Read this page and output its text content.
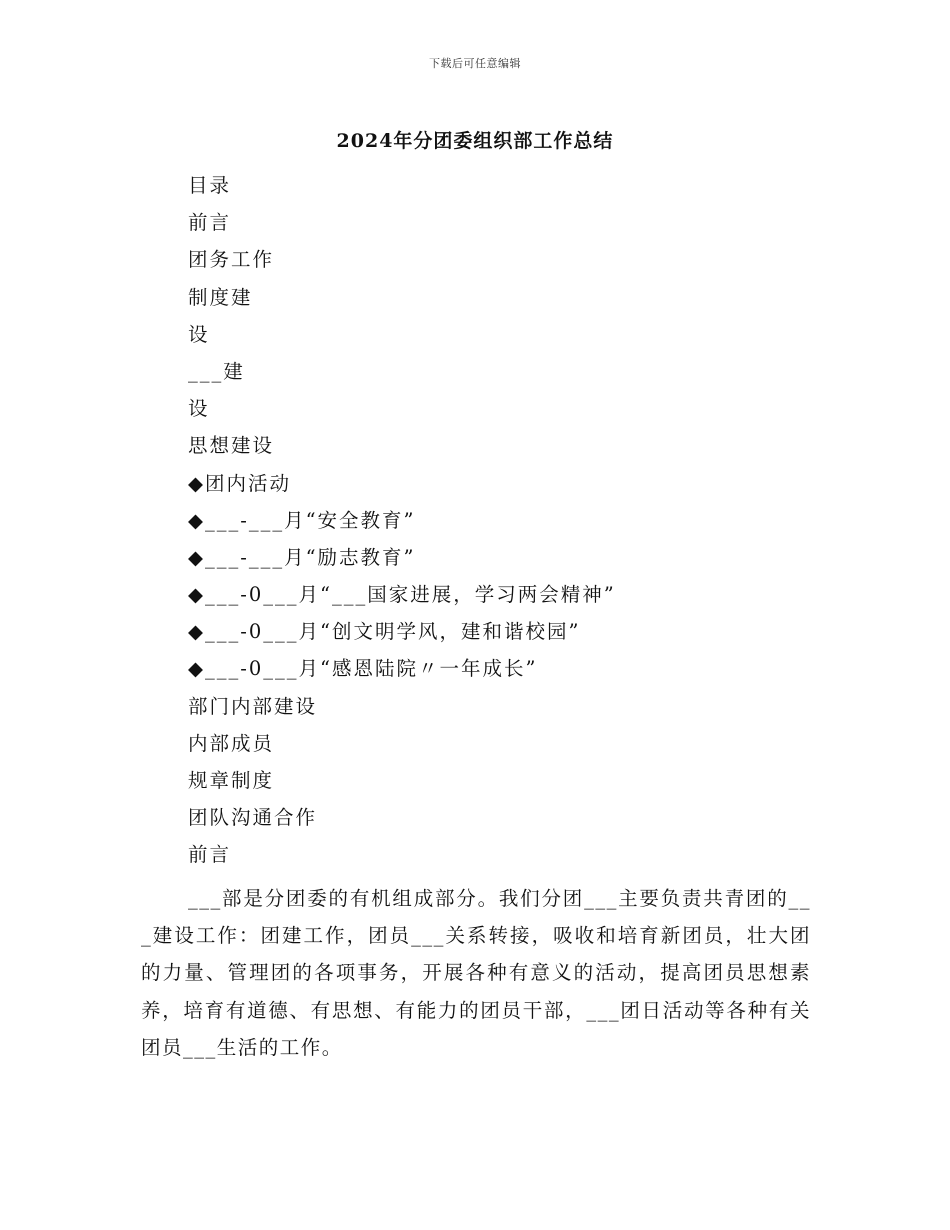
下载后可任意编辑
2024年分团委组织部工作总结
目录
前言
团务工作
制度建
设
___建
设
思想建设
◆团内活动
◆___-___月“安全教育”
◆___-___月“励志教育”
◆___-0___月“___国家进展，学习两会精神”
◆___-0___月“创文明学风，建和谐校园”
◆___-0___月“感恩陆院〃一年成长”
部门内部建设
内部成员
规章制度
团队沟通合作
前言

___部是分团委的有机组成部分。我们分团___主要负责共青团的___建设工作：团建工作，团员___关系转接，吸收和培育新团员，壮大团的力量、管理团的各项事务，开展各种有意义的活动，提高团员思想素养，培育有道德、有思想、有能力的团员干部，___团日活动等各种有关团员___生活的工作。
